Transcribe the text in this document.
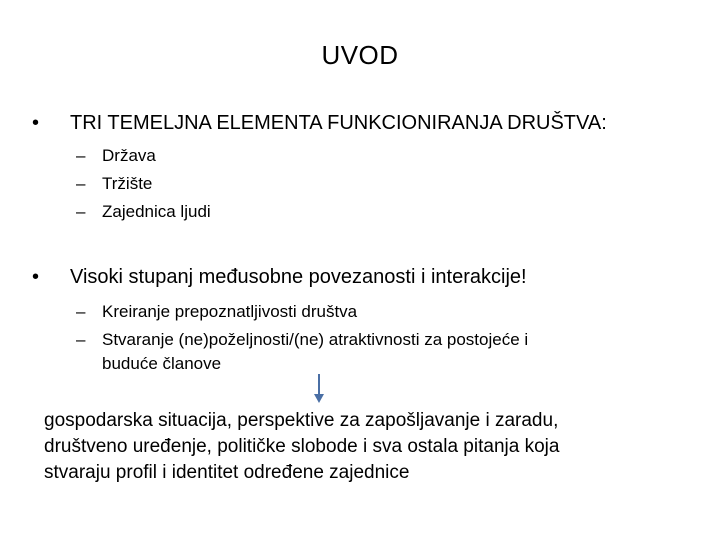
UVOD
• TRI TEMELJNA ELEMENTA FUNKCIONIRANJA DRUŠTVA:
– Država
– Tržište
– Zajednica ljudi
• Visoki stupanj međusobne povezanosti i interakcije!
– Kreiranje prepoznatljivosti društva
– Stvaranje (ne)poželjnosti/(ne) atraktivnosti za postojeće i
buduće članove
gospodarska situacija, perspektive za zapošljavanje i zaradu,
društveno uređenje, političke slobode i sva ostala pitanja koja
stvaraju profil i identitet određene zajednice
